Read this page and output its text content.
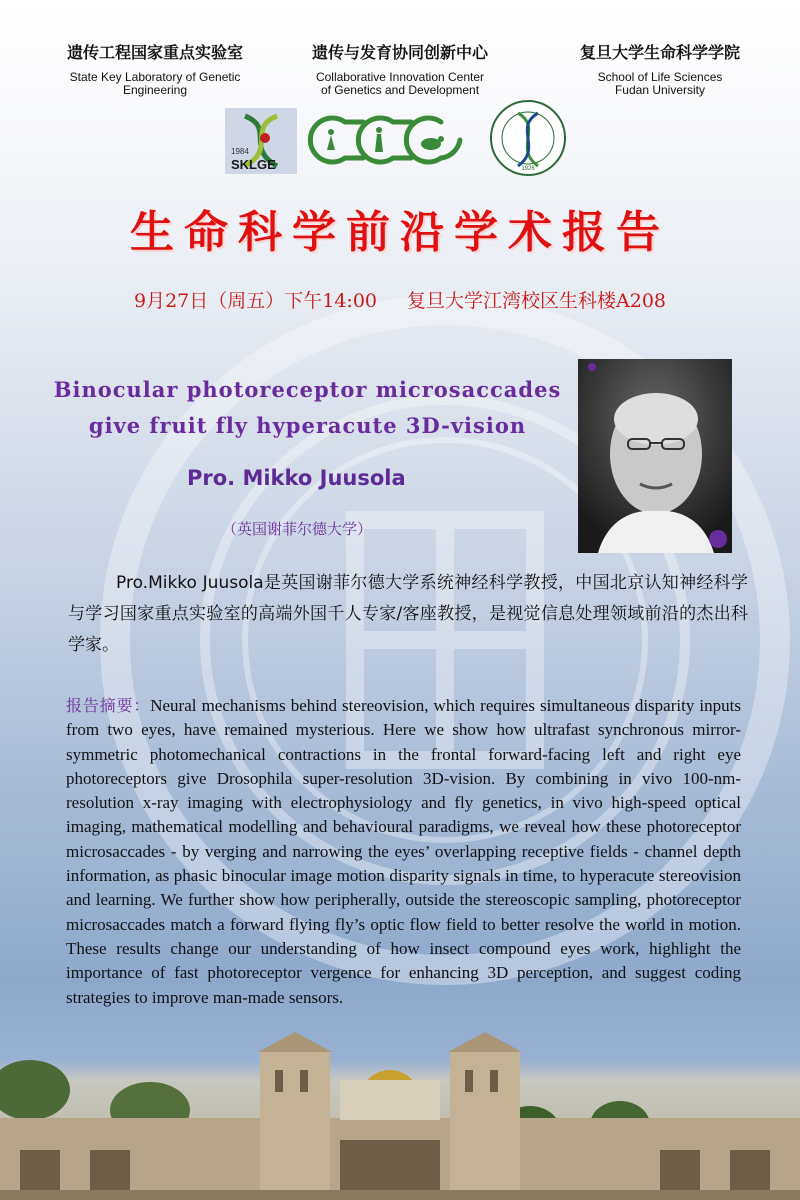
遗传工程国家重点实验室
State Key Laboratory of Genetic
Engineering
遗传与发育协同创新中心
Collaborative Innovation Center
of Genetics and Development
复旦大学生命科学学院
School of Life Sciences
Fudan University
1984
SKLGE	1926
生命科学前沿学术报告
9月27日（周五）下午14:00 复旦大学江湾校区生科楼A208
Binocular photoreceptor microsaccades
give fruit fly hyperacute 3D-vision
Pro. Mikko Juusola
（英国谢菲尔德大学）
Pro.Mikko Juusola是英国谢菲尔德大学系统神经科学教授，中国北京认知神经科学与学习国家重点实验室的高端外国千人专家/客座教授，是视觉信息处理领域前沿的杰出科学家。
报告摘要：Neural mechanisms behind stereovision, which requires simultaneous disparity inputs from two eyes, have remained mysterious. Here we show how ultrafast synchronous mirror-symmetric photomechanical contractions in the frontal forward-facing left and right eye photoreceptors give Drosophila super-resolution 3D-vision. By combining in vivo 100-nm-resolution x-ray imaging with electrophysiology and fly genetics, in vivo high-speed optical imaging, mathematical modelling and behavioural paradigms, we reveal how these photoreceptor microsaccades - by verging and narrowing the eyes’ overlapping receptive fields - channel depth information, as phasic binocular image motion disparity signals in time, to hyperacute stereovision and learning. We further show how peripherally, outside the stereoscopic sampling, photoreceptor microsaccades match a forward flying fly’s optic flow field to better resolve the world in motion. These results change our understanding of how insect compound eyes work, highlight the importance of fast photoreceptor vergence for enhancing 3D perception, and suggest coding strategies to improve man-made sensors.
